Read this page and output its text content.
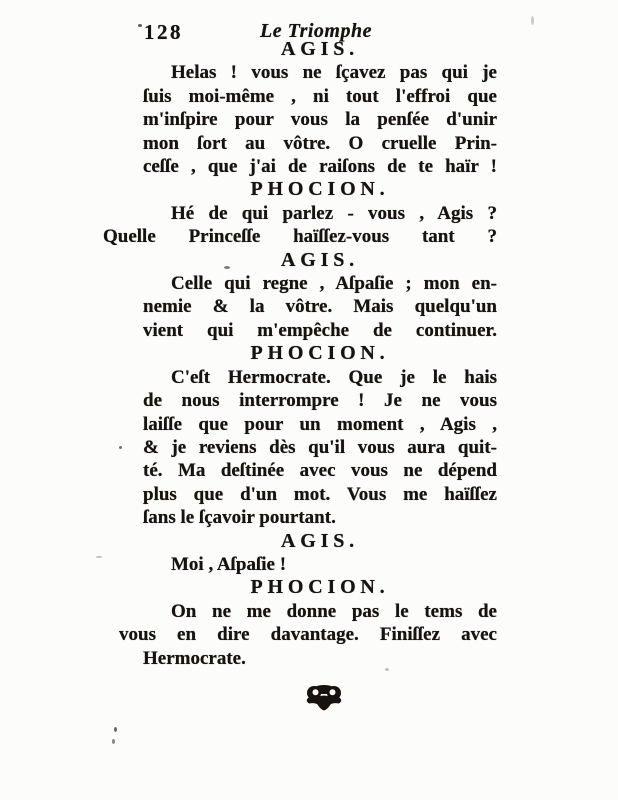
128	Le Triomphe
AGIS.
Helas ! vous ne ſçavez pas qui je
ſuis moi-même , ni tout l'effroi que
m'inſpire pour vous la penſée d'unir
mon ſort au vôtre. O cruelle Prin-
ceſſe , que j'ai de raiſons de te haïr !
PHOCION.
Hé de qui parlez - vous , Agis ?
Quelle Princeſſe haïſſez-vous tant ?
AGIS.
Celle qui regne , Aſpaſie ; mon en-
nemie & la vôtre. Mais quelqu'un
vient qui m'empêche de continuer.
PHOCION.
C'eſt Hermocrate. Que je le hais
de nous interrompre ! Je ne vous
laiſſe que pour un moment , Agis ,
& je reviens dès qu'il vous aura quit-
té. Ma deſtinée avec vous ne dépend
plus que d'un mot. Vous me haïſſez
ſans le ſçavoir pourtant.
AGIS.
Moi , Aſpaſie !
PHOCION.
On ne me donne pas le tems de
vous en dire davantage. Finiſſez avec
Hermocrate.
